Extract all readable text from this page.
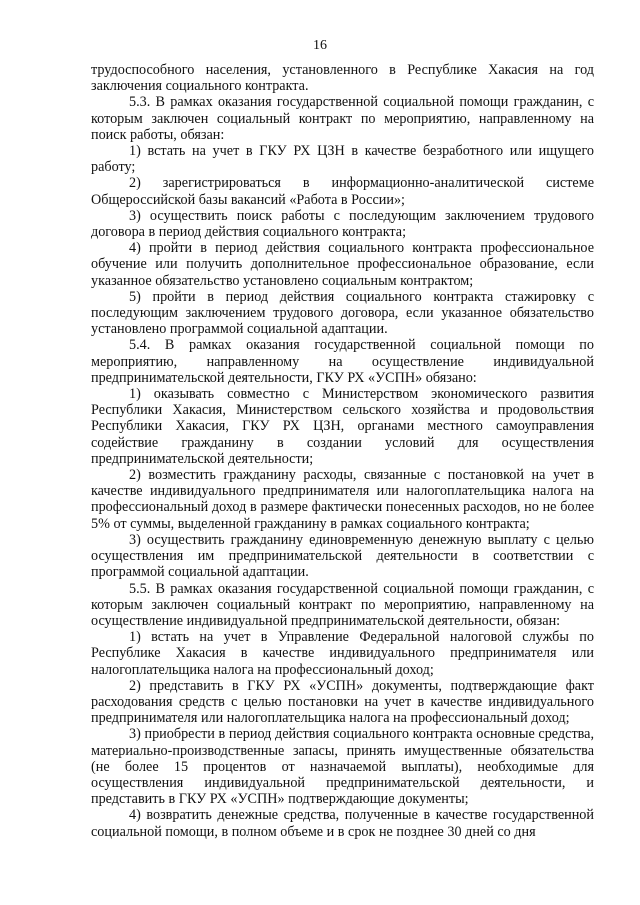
16

трудоспособного населения, установленного в Республике Хакасия на год заключения социального контракта.

5.3. В рамках оказания государственной социальной помощи гражданин, с которым заключен социальный контракт по мероприятию, направленному на поиск работы, обязан:

1) встать на учет в ГКУ РХ ЦЗН в качестве безработного или ищущего работу;

2) зарегистрироваться в информационно-аналитической системе Общероссийской базы вакансий «Работа в России»;

3) осуществить поиск работы с последующим заключением трудового договора в период действия социального контракта;

4) пройти в период действия социального контракта профессиональное обучение или получить дополнительное профессиональное образование, если указанное обязательство установлено социальным контрактом;

5) пройти в период действия социального контракта стажировку с последующим заключением трудового договора, если указанное обязательство установлено программой социальной адаптации.

5.4. В рамках оказания государственной социальной помощи по мероприятию, направленному на осуществление индивидуальной предпринимательской деятельности, ГКУ РХ «УСПН» обязано:

1) оказывать совместно с Министерством экономического развития Республики Хакасия, Министерством сельского хозяйства и продовольствия Республики Хакасия, ГКУ РХ ЦЗН, органами местного самоуправления содействие гражданину в создании условий для осуществления предпринимательской деятельности;

2) возместить гражданину расходы, связанные с постановкой на учет в качестве индивидуального предпринимателя или налогоплательщика налога на профессиональный доход в размере фактически понесенных расходов, но не более 5% от суммы, выделенной гражданину в рамках социального контракта;

3) осуществить гражданину единовременную денежную выплату с целью осуществления им предпринимательской деятельности в соответствии с программой социальной адаптации.

5.5. В рамках оказания государственной социальной помощи гражданин, с которым заключен социальный контракт по мероприятию, направленному на осуществление индивидуальной предпринимательской деятельности, обязан:

1) встать на учет в Управление Федеральной налоговой службы по Республике Хакасия в качестве индивидуального предпринимателя или налогоплательщика налога на профессиональный доход;

2) представить в ГКУ РХ «УСПН» документы, подтверждающие факт расходования средств с целью постановки на учет в качестве индивидуального предпринимателя или налогоплательщика налога на профессиональный доход;

3) приобрести в период действия социального контракта основные средства, материально-производственные запасы, принять имущественные обязательства (не более 15 процентов от назначаемой выплаты), необходимые для осуществления индивидуальной предпринимательской деятельности, и представить в ГКУ РХ «УСПН» подтверждающие документы;

4) возвратить денежные средства, полученные в качестве государственной социальной помощи, в полном объеме и в срок не позднее 30 дней со дня
